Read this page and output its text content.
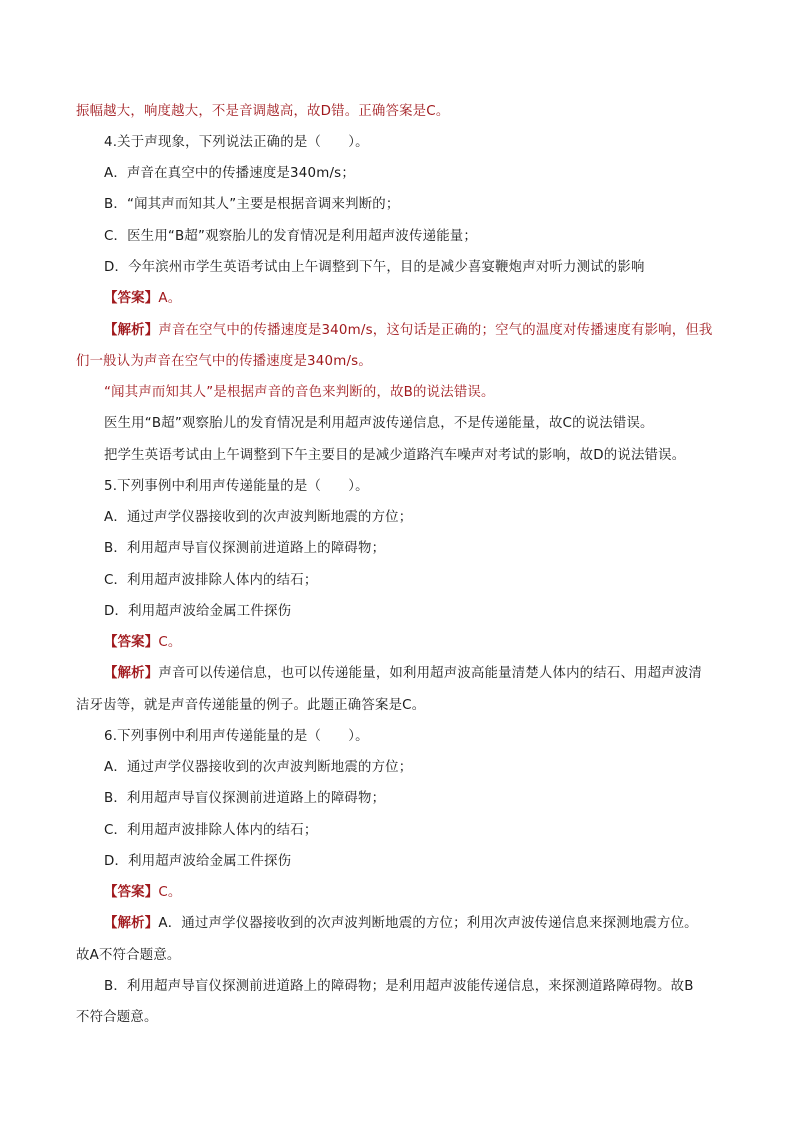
振幅越大，响度越大，不是音调越高，故D错。正确答案是C。
4.关于声现象，下列说法正确的是（　　）。
A．声音在真空中的传播速度是340m/s；
B．“闻其声而知其人”主要是根据音调来判断的；
C．医生用“B超”观察胎儿的发育情况是利用超声波传递能量；
D．今年滨州市学生英语考试由上午调整到下午，目的是减少喜宴鞭炮声对听力测试的影响
【答案】A。
【解析】声音在空气中的传播速度是340m/s，这句话是正确的；空气的温度对传播速度有影响，但我
们一般认为声音在空气中的传播速度是340m/s。
“闻其声而知其人”是根据声音的音色来判断的，故B的说法错误。
医生用“B超”观察胎儿的发育情况是利用超声波传递信息，不是传递能量，故C的说法错误。
把学生英语考试由上午调整到下午主要目的是减少道路汽车噪声对考试的影响，故D的说法错误。
5.下列事例中利用声传递能量的是（　　）。
A．通过声学仪器接收到的次声波判断地震的方位；
B．利用超声导盲仪探测前进道路上的障碍物；
C．利用超声波排除人体内的结石；
D．利用超声波给金属工件探伤
【答案】C。
【解析】声音可以传递信息，也可以传递能量，如利用超声波高能量清楚人体内的结石、用超声波清
洁牙齿等，就是声音传递能量的例子。此题正确答案是C。
6.下列事例中利用声传递能量的是（　　）。
A．通过声学仪器接收到的次声波判断地震的方位；
B．利用超声导盲仪探测前进道路上的障碍物；
C．利用超声波排除人体内的结石；
D．利用超声波给金属工件探伤
【答案】C。
【解析】A．通过声学仪器接收到的次声波判断地震的方位；利用次声波传递信息来探测地震方位。
故A不符合题意。
B．利用超声导盲仪探测前进道路上的障碍物；是利用超声波能传递信息，来探测道路障碍物。故B
不符合题意。
